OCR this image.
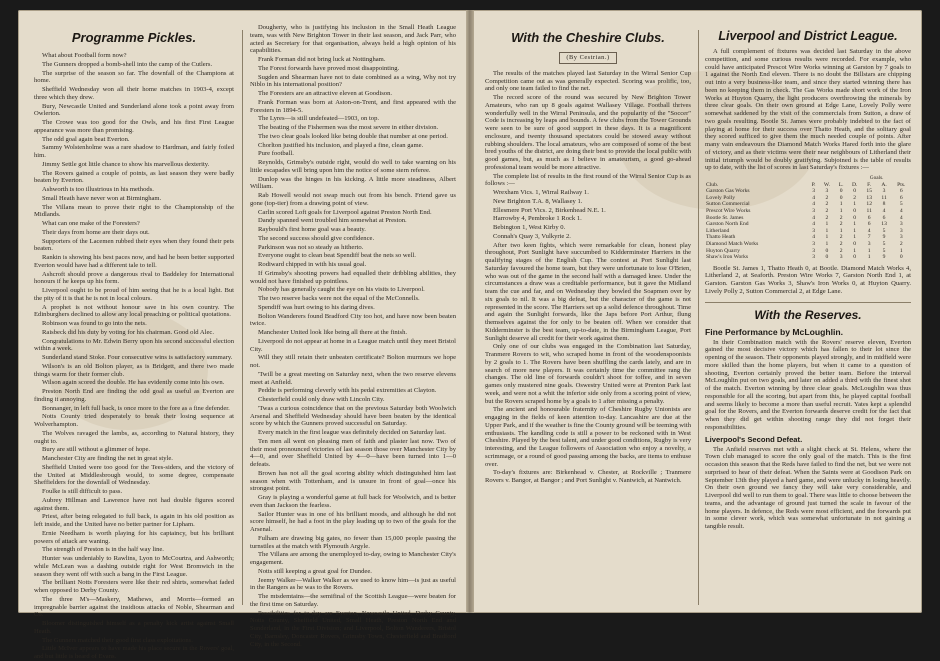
Programme Pickles.

What about Football form now?

The Gunners dropped a bomb-shell into the camp of the Cutlers.

The surprise of the season so far. The downfall of the Champions at home.

Sheffield Wednesday won all their home matches in 1903-4, except three which they drew.

Bury, Newcastle United and Sunderland alone took a point away from Owlerton.

The Crowe was too good for the Owls, and his first First League appearance was more than promising.

The odd goal again beat Everton.

Sammy Wolstenholme was a rare shadow to Hardman, and fairly foiled him.

Jimmy Settle got little chance to show his marvellous dexterity.

The Rovers gained a couple of points, as last season they were badly beaten by Everton.

Ashworth is too illustrious in his methods.

Small Heath have never won at Birmingham.

The Villans mean to prove their right to the Championship of the Midlands.

What can one make of the Foresters?

Their days from home are their days out.

Supporters of the Lacemen rubbed their eyes when they found their pets beaten.

Rankin is showing his best paces now, and had he been better supported Everton would have had a different tale to tell.

Ashcroft should prove a dangerous rival to Baddeley for International honours if he keeps up his form.

Liverpool ought to be proud of him seeing that he is a local light. But the pity of it is that he is not in local colours.

A prophet is not without honour save in his own country. The Edinburghers declined to allow any local preaching or political quotations.

Robinson was found to go into the nets.

Raisbeck did his duty by voting for his chairman. Good old Alec.

Congratulations to Mr. Edwin Berry upon his second successful election within a week.

Sunderland stand Stoke. Four consecutive wins is satisfactory summary.

Wilson's is an old Bolton player, as is Bridgett, and there two made things warm for their former club.

Wilson again scored the double. He has evidently come into his own.

Preston North End are finding the odd goal as useful as Everton are finding it annoying.

Bonnanger, in left full back, is once more to the fore as a fine defender.

Notts County tried desperately to break their losing sequence at Wolverhampton.

The Wolves ravaged the lambs, as, according to Natural history, they ought to.

Bury are still without a glimmer of hope.

Manchester City are finding the net in great style.

Sheffield United were too good for the Tees-siders, and the victory of the United at Middlesbrough would, to some degree, compensate Sheffielders for the downfall of Wednesday.

Foulke is still difficult to pass.

Aubrey Hillman and Lawrence have not had double figures scored against them.

Priest, after being relegated to full back, is again in his old position as left inside, and the United have no better partner for Lipham.

Ernie Needham is worth playing for his captaincy, but his brilliant powers of attack are waning.

The strength of Preston is in the half way line.

Hunter was undeniably to Rawlins, Lyon to McCourtra, and Ashworth; while McLean was a dashing outside right for West Bromwich in the season they went off with such a bang in the First League.

The brilliant Notts Foresters were like their red shirts, somewhat faded when opposed to Derby County.

The three M's—Maskery, Mathews, and Morris—formed an impregnable barrier against the insidious attacks of Noble, Shearman and Co.

Bloomer distinguished himself as a penalty kick artist against Small Heath.

The Gunners matched their good first class exploitations.

Little McIver appears to have made his place secure in the Rovers' goal, and but little is heard of Evans.

Dougherty, who is justifying his inclusion in the Small Heath League team, was with New Brighton Tower in their last season, and Jack Parr, who acted as Secretary for that organisation, always held a high opinion of his capabilities.

Frank Forman did not bring luck at Nottingham.

The Forest forwards have proved most disappointing.

Sugden and Shearman have not to date combined as a wing, Why not try Niblo in his international position?

The Foresters are an attractive eleven at Goodison.

Frank Forman was born at Aston-on-Trent, and first appeared with the Foresters in 1894-5.

The Lyres—is still undefeated—1903, on top.

The beating of the Fishermen was the most severe in either division.

The two clear goals looked like being double that number at one period.

Chorlton justified his inclusion, and played a fine, clean game.

Pure football.

Reynolds, Grimsby's outside right, would do well to take warning on his little escapades will bring upon him the notice of some stern referee.

Dunlop was the hinges in his kicking. A little more steadiness, Albert William.

Rab Howell would not swap much out from his bench. Friend gave us gone (top-tier) from a drawing point of view.

Carlin scored Loft goals for Liverpool against Preston North End.

Dandy spanned went troubled him somewhat at Preston.

Raybould's first home goal was a beauty.

The second success should give confidence.

Parkinson was not so steady as hitherto.

Everyone ought to clean beat Spendiff beat the nets so well.

Rodiward chipped in with his usual goal.

If Grimsby's shooting powers had equalled their dribbling abilities, they would not have finished up pointless.

Nobody has generally caught the eye on his visits to Liverpool.

The two reserve backs were not the equal of the McConnells.

Spendiff was hurt owing to his daring dives.

Bolton Wanderers found Bradford City too hot, and have now been beaten twice.

Manchester United look like being all there at the finish.

Liverpool do not appear at home in a League match until they meet Bristol City.

Will they still retain their unbeaten certificate? Bolton murmurs we hope not.

'Twill be a great meeting on Saturday next, when the two reserve elevens meet at Anfield.

Peddie is performing cleverly with his pedal extremities at Clayton.

Chesterfield could only draw with Lincoln City.

'Twas a curious coincidence that on the previous Saturday both Woolwich Arsenal and Sheffield Wednesday should have been beaten by the identical score by which the Gunners proved successful on Saturday.

Every match in the first league was definitely decided on Saturday last.

Ten men all went on pleasing men of faith and plaster last now. Two of their most pronounced victories of last season those over Manchester City by 4—0, and over Sheffield United by 4—0—have been turned into 1—0 defeats.

Brown has not all the goal scoring ability which distinguished him last season when with Tottenham, and is unsure in front of goal—once his strongest point.

Gray is playing a wonderful game at full back for Woolwich, and is better even than Jackson the fearless.

Sailor Hunter was in one of his brilliant moods, and although he did not score himself, he had a foot in the play leading up to two of the goals for the Arsenal.

Fulham are drawing big gates, no fewer than 15,000 people passing the turnstiles at the match with Plymouth Argyle.

The Villans are among the unemployed to-day, owing to Manchester City's engagement.

Notts still keeping a great goal for Dundee.

Jeemy Walker—Walker Walker as we used to know him—is just as useful in the Rangers as he was to the Rovers.

The mtsdemtains—the semifinal of the Scottish League—were beaten for the first time on Saturday.

Possibilities for to-day are Everton, Newcastle United, Derby County, Notts County, Sheffield United, Small Heath, Preston North End and Sunderland, in the First Division; and Liverpool, Bolton Wanderers, Bristol City, Barnsley, Doncaster Rovers, Grimsby Town, Chesterfield and Bradford City, in the Second.

With the Cheshire Clubs.
(By Cestrian.)

The results of the matches played last Saturday in the Wirral Senior Cup Competition came out as was generally expected. Scoring was prolific, too, and only one team failed to find the net.

The record score of the round was secured by New Brighton Tower Amateurs, who ran up 8 goals against Wallasey Village. Football thrives wonderfully well in the Wirral Peninsula, and the popularity of the "Soccer" Code is increasing by leaps and bounds. A few clubs from the Tower Grounds were seen to be sure of good support in these days. It is a magnificent enclosure, and twenty thousand spectators could be stowed away without rubbing shoulders. The local amateurs, who are composed of some of the best bred youths of the district, are doing their best to provide the local public with good games, but, as much as I believe in amateurism, a good go-ahead professional team would be more attractive.

The complete list of results in the first round of the Wirral Senior Cup is as follows :—

Wrexham Vics. 1, Wirral Railway 1.

New Brighton T.A. 8, Wallasey 1.

Ellesmere Port Vics. 2, Birkenhead N.E. 1.

Harrowby 4, Pembroke 1 Rock 1.

Bebington 1, West Kirby 0.

Connah's Quay 3, Vulkyrie 2.

After two keen fights, which were remarkable for clean, honest play throughout, Port Sunlight have succumbed to Kidderminster Harriers in the qualifying stages of the English Cup. The contest at Port Sunlight last Saturday favoured the home team, but they were unfortunate to lose O'Brien, who was out of the game in the second half with a damaged knee. Under the circumstances a draw was a creditable performance, but it gave the Midland team the cue and far, and on Wednesday they bowled the Soapmen over by six goals to nil. It was a big defeat, but the character of the game is not represented in the score. The Harriers set up a solid defence throughout. Time and again the Sunlight forwards, like the Japs before Port Arthur, flung themselves against the for only to be beaten off. When we consider that Kidderminster is the best team, up-to-date, in the Birmingham League, Port Sunlight deserve all credit for their work against them.

Only one of our clubs was engaged in the Combination last Saturday, Tranmere Rovers to wit, who scraped home in front of the woodenspoonists by 2 goals to 1. The Rovers have been shuffling the cards lately, and are in search of more new players. It was certainly time the committee rang the changes. The old line of forwards couldn't shoot for toffee, and in seven games only mustered nine goals. Oswestry United were at Prenton Park last week, and were not a whit the inferior side only from a scoring point of view, but the Rovers scraped home by a goals to 1 after missing a penalty.

The ancient and honourable fraternity of Cheshire Rugby Unionists are engaging in the fields of keen attention to-day. Lancashire are due at the Upper Park, and if the weather is fine the County ground will be teeming with enthusiasts. The kandling code is still a power to be reckoned with in West Cheshire. Played by the best talent, and under good conditions, Rugby is very interesting, and the League followers of Association who enjoy a novelty, a scrimmage, or a round of good passing among the backs, are items to enthuse over.

To-day's fixtures are: Birkenhead v. Chester, at Rockville ; Tranmere Rovers v. Bangor, at Bangor ; and Port Sunlight v. Nantwich, at Nantwich.

Liverpool and District League.

A full complement of fixtures was decided last Saturday in the above competition, and some curious results were recorded. For example, who could have anticipated Prescot Wire Works winning at Garston by 7 goals to 1 against the North End eleven. There is no doubt the Billstars are chipping out into a very business-like team, and since they started winning there has been no keeping them in check. The Gas Works made short work of the Iron Works at Huyton Quarry, the light producers overthrowing the minerals by three clear goals. On their own ground at Edge Lane, Lovely Polly were somewhat saddened by the visit of the commercials from Sutton, a draw of two goals resulting. Bootle St. James were probably indebted to the fact of playing at home for their success over Thatto Heath, and the solitary goal they scored sufficed to give them the much needed couple of points. After many vain endeavours the Diamond Match Works Hared forth into the glare of victory, and as their victims were their near neighbours of Litherland their initial triumph would be doubly gratifying. Subjoined is the table of results up to date, with the list of scores in last Saturday's fixtures :—

					Goals.		
Club.	P.	W.	L.	D.	F.	A.	Pts.
Garston Gas Works	3	3	0	0	15	3	6
Lovely Polly	4	2	0	2	13	11	6
Sutton Commercial	4	2	1	1	12	8	5
Prescot Wire Works	3	2	1	0	11	4	4
Bootle St. James	4	2	2	0	6	6	4
Garston North End	4	1	2	1	6	13	3
Litherland	3	1	1	1	4	5	3
Thatto Heath	4	1	2	1	7	9	3
Diamond Match Works	3	1	2	0	3	5	2
Huyton Quarry	3	0	2	1	1	5	1
Shaw's Iron Works	3	0	3	0	1	9	0

Bootle St. James 1, Thatto Heath 0, at Bootle. Diamond Match Works 4, Litherland 2, at Seaforth. Preston Wire Works 7, Garston North End 1, at Garston. Garston Gas Works 3, Shaw's Iron Works 0, at Huyton Quarry. Lively Polly 2, Sutton Commercial 2, at Edge Lane.

With the Reserves.
Fine Performance by McLoughlin.

In their Combination match with the Rovers' reserve eleven, Everton gained the most decisive victory which has fallen to their lot since the opening of the season. Their opponents played strongly, and in midfield were more skilled than the home players, but when it came to a question of shooting, Everton certainly proved the better team. Before the interval McLoughlin put on two goals, and later on added a third with the finest shot of the match. Everton winning by three clear goals. McLoughlin was thus responsible for all the scoring, but apart from this, he played capital football and seems likely to become a more than useful recruit. Yates kept a splendid goal for the Rovers, and the Everton forwards deserve credit for the fact that when they did get within shooting range they did not forget their responsibilities.

Liverpool's Second Defeat.

The Anfield reserves met with a slight check at St. Helens, where the Town club managed to score the only goal of the match. This is the first occasion this season that the Reds have failed to find the net, but we were not surprised to hear of their defeat. When the Saints were at Goodison Park on September 13th they played a hard game, and were unlucky in losing heavily. On their own ground we fancy they will take very considerable, and Liverpool did well to run them to goal. There was little to choose between the teams, and the advantage of ground just turned the scale in favour of the home players. In defence, the Reds were most efficient, and the forwards put in some clever work, which was somewhat unfortunate in not gaining a tangible result.
